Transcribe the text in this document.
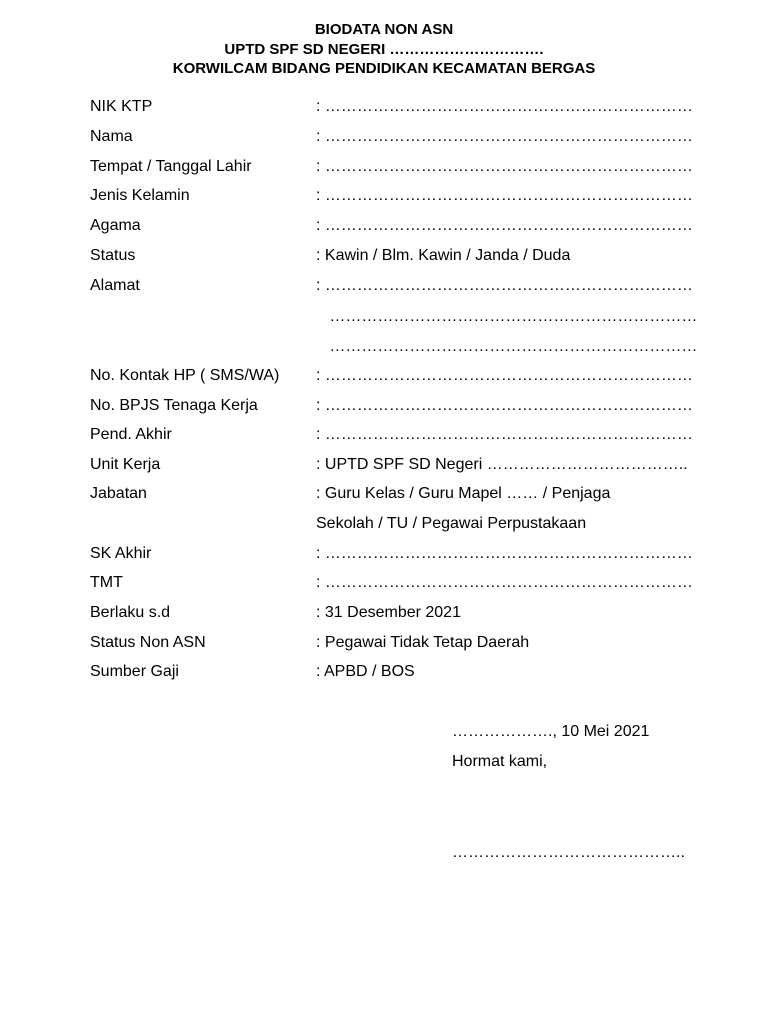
BIODATA NON ASN
UPTD SPF SD NEGERI ………………………….
KORWILCAM BIDANG PENDIDIKAN KECAMATAN BERGAS
NIK KTP	: ……………………………………………………………
Nama	: ……………………………………………………………
Tempat / Tanggal Lahir	: ……………………………………………………………
Jenis Kelamin	: ……………………………………………………………
Agama	: ……………………………………………………………
Status	: Kawin / Blm. Kawin / Janda / Duda
Alamat	: ……………………………………………………………
……………………………………………………………
……………………………………………………………
No. Kontak HP ( SMS/WA) : ……………………………………………………………
No. BPJS Tenaga Kerja	: ……………………………………………………………
Pend. Akhir	: ……………………………………………………………
Unit Kerja	: UPTD SPF SD Negeri ………………………………..
Jabatan	: Guru Kelas / Guru Mapel …… / Penjaga
Sekolah / TU / Pegawai Perpustakaan
SK Akhir	: ……………………………………………………………
TMT	: ……………………………………………………………
Berlaku s.d	: 31 Desember 2021
Status Non ASN	: Pegawai Tidak Tetap Daerah
Sumber Gaji	: APBD / BOS
………………., 10 Mei 2021
Hormat kami,
……………………………………..
